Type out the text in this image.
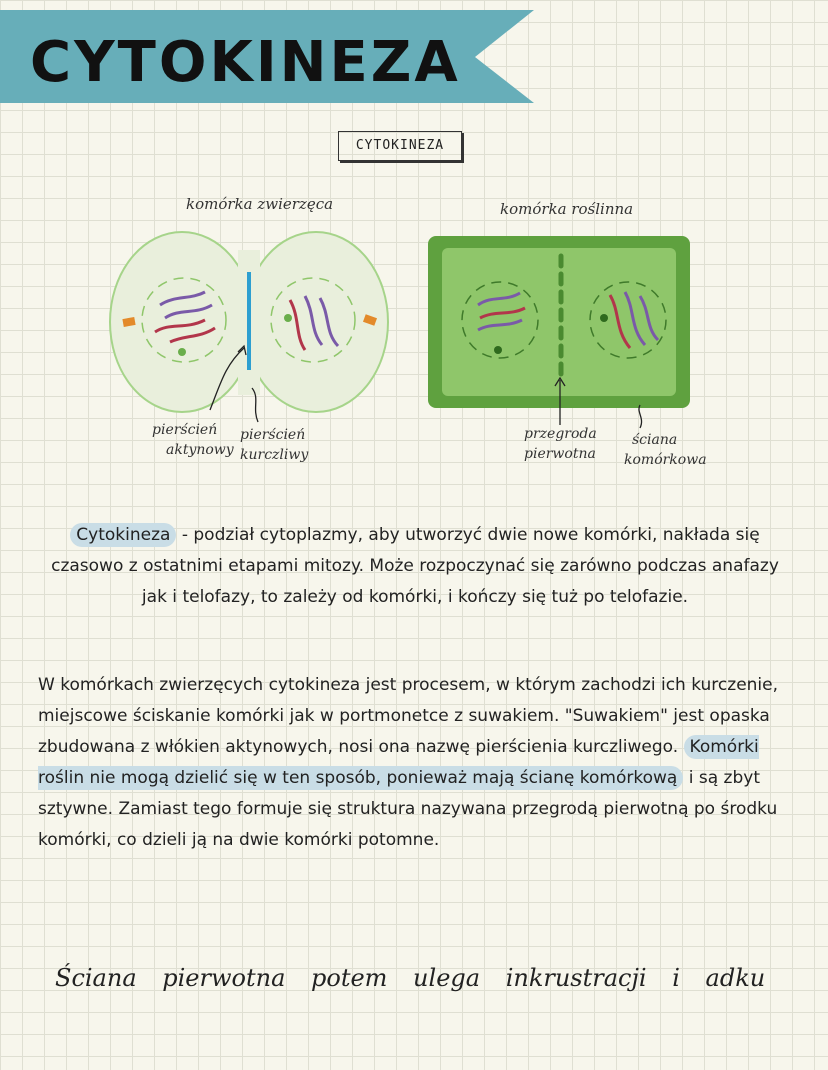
CYTOKINEZA
CYTOKINEZA
komórka zwierzęca	komórka roślinna
pierścień
aktynowy
pierścień
kurczliwy
przegroda
pierwotna
ściana
komórkowa
Cytokineza - podział cytoplazmy, aby utworzyć dwie nowe komórki, nakłada się czasowo z ostatnimi etapami mitozy. Może rozpoczynać się zarówno podczas anafazy jak i telofazy, to zależy od komórki, i kończy się tuż po telofazie.
W komórkach zwierzęcych cytokineza jest procesem, w którym zachodzi ich kurczenie, miejscowe ściskanie komórki jak w portmonetce z suwakiem. "Suwakiem" jest opaska zbudowana z włókien aktynowych, nosi ona nazwę pierścienia kurczliwego. Komórki roślin nie mogą dzielić się w ten sposób, ponieważ mają ścianę komórkową i są zbyt sztywne. Zamiast tego formuje się struktura nazywana przegrodą pierwotną po środku komórki, co dzieli ją na dwie komórki potomne.
Ściana pierwotna potem ulega inkrustracji i adku
